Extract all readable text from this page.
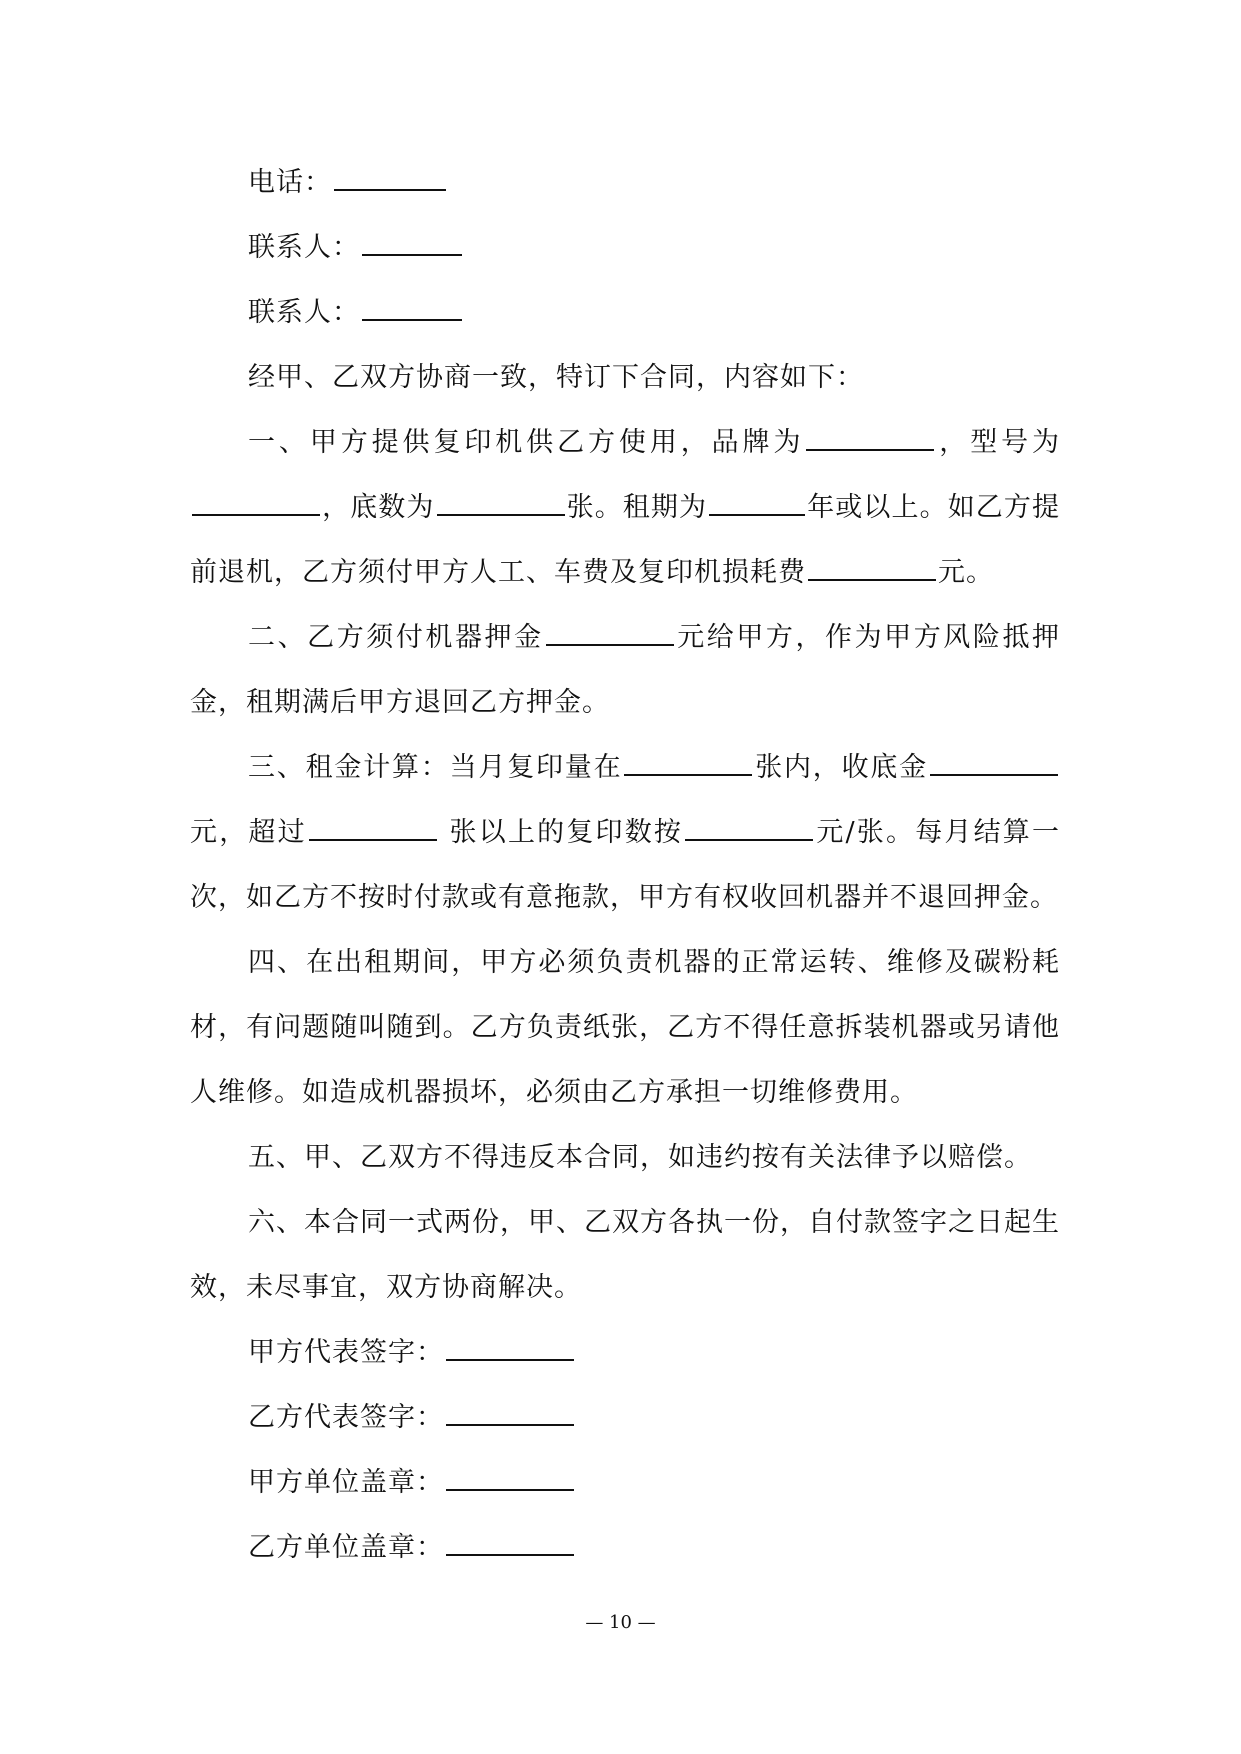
电话：

联系人：

联系人：

经甲、乙双方协商一致，特订下合同，内容如下：

一、甲方提供复印机供乙方使用，品牌为	，型号为，底数为	张。租期为	年或以上。如乙方提前退机，乙方须付甲方人工、车费及复印机损耗费	元。

二、乙方须付机器押金	元给甲方，作为甲方风险抵押金，租期满后甲方退回乙方押金。

三、租金计算：当月复印量在	张内，收底金元，超过	张以上的复印数按	元/张。每月结算一次，如乙方不按时付款或有意拖款，甲方有权收回机器并不退回押金。

四、在出租期间，甲方必须负责机器的正常运转、维修及碳粉耗材，有问题随叫随到。乙方负责纸张，乙方不得任意拆装机器或另请他人维修。如造成机器损坏，必须由乙方承担一切维修费用。

五、甲、乙双方不得违反本合同，如违约按有关法律予以赔偿。

六、本合同一式两份，甲、乙双方各执一份，自付款签字之日起生效，未尽事宜，双方协商解决。

甲方代表签字：

乙方代表签字：

甲方单位盖章：

乙方单位盖章：

— 10 —
